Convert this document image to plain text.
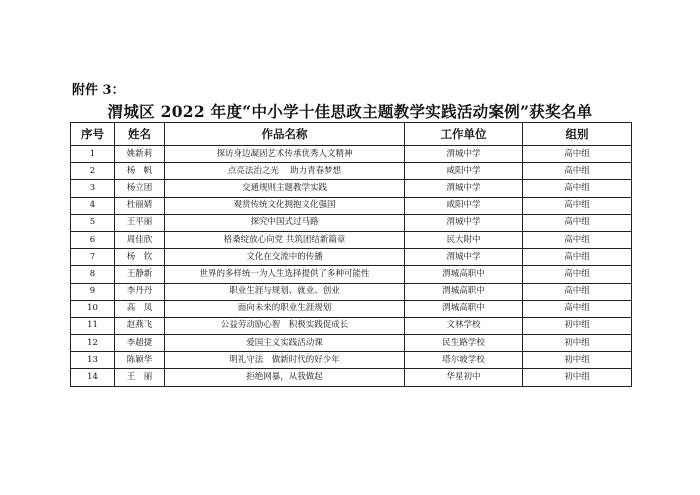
附件 3：
渭城区 2022 年度“中小学十佳思政主题教学实践活动案例”获奖名单
序号	姓名	作品名称	工作单位	组别
1	姚新莉	探访身边凝固艺术传承优秀人文精神	渭城中学	高中组
2	杨　帆	点亮法治之光　 助力青春梦想	咸阳中学	高中组
3	杨立团	交通规则主题教学实践	渭城中学	高中组
4	杜丽婧	观赏传统文化拥抱文化强国	咸阳中学	高中组
5	王平丽	探究中国式过马路	渭城中学	高中组
6	周佳欣	格桑绽放心向党 共筑团结新篇章	民大附中	高中组
7	杨　钦	文化在交流中的传播	渭城中学	高中组
8	王静新	世界的多样统一为人生选择提供了多种可能性	渭城高职中	高中组
9	李丹丹	职业生涯与规划、就业、创业	渭城高职中	高中组
10	高　凤	面向未来的职业生涯规划	渭城高职中	高中组
11	赵燕飞	公益劳动励心智　积极实践促成长	文林学校	初中组
12	李超捷	爱国主义实践活动课	民生路学校	初中组
13	陈颖华	明礼守法　做新时代的好少年	塔尔坡学校	初中组
14	王　丽	拒绝网暴，从我做起	华星初中	初中组
